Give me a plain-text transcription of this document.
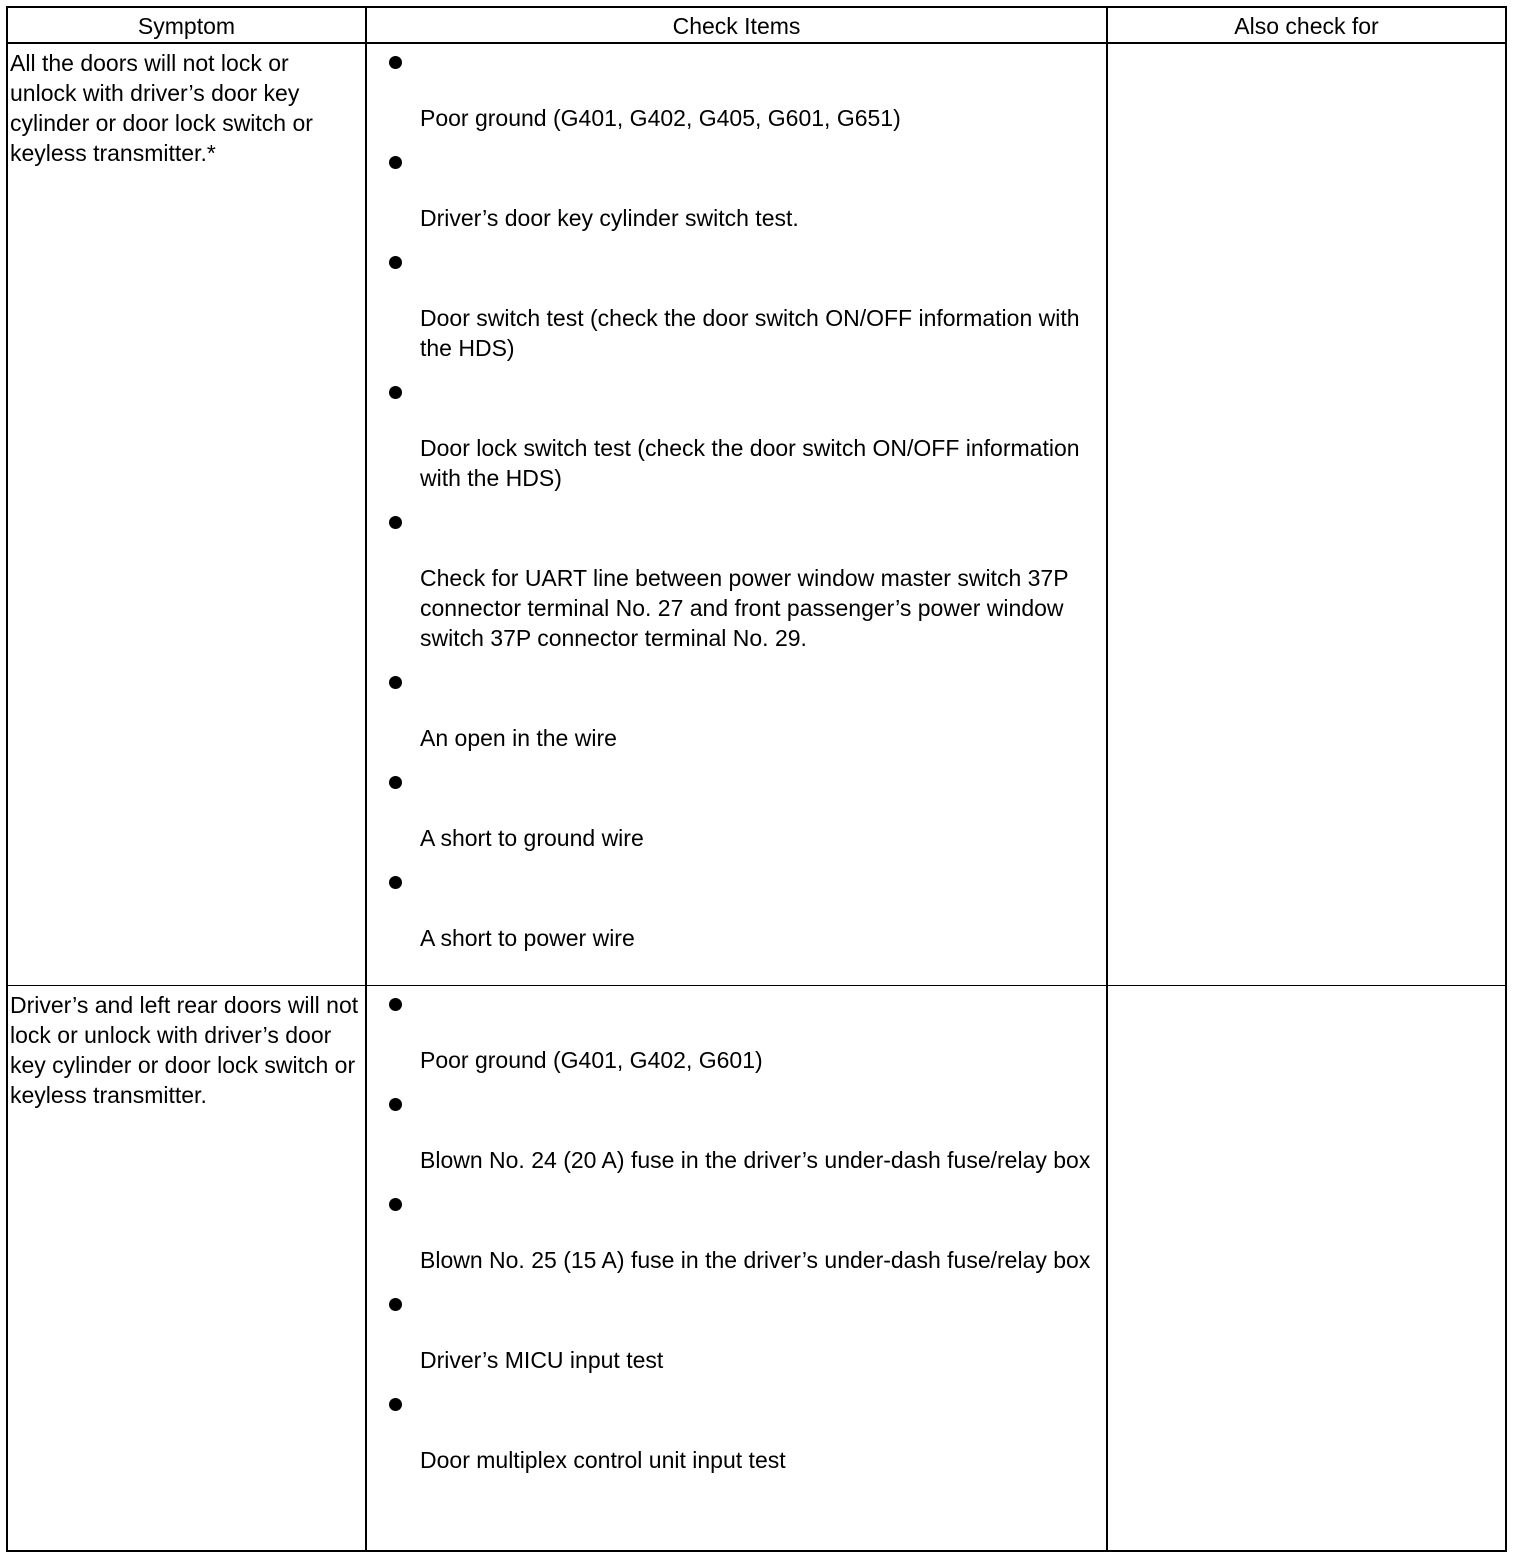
Symptom	Check Items	Also check for
All the doors will not lock or unlock with driver’s door key cylinder or door lock switch or keyless transmitter.*
Poor ground (G401, G402, G405, G601, G651)
Driver’s door key cylinder switch test.
Door switch test (check the door switch ON/OFF information with the HDS)
Door lock switch test (check the door switch ON/OFF information with the HDS)
Check for UART line between power window master switch 37P connector terminal No. 27 and front passenger’s power window switch 37P connector terminal No. 29.
An open in the wire
A short to ground wire
A short to power wire
Driver’s and left rear doors will not lock or unlock with driver’s door key cylinder or door lock switch or keyless transmitter.
Poor ground (G401, G402, G601)
Blown No. 24 (20 A) fuse in the driver’s under-dash fuse/relay box
Blown No. 25 (15 A) fuse in the driver’s under-dash fuse/relay box
Driver’s MICU input test
Door multiplex control unit input test
